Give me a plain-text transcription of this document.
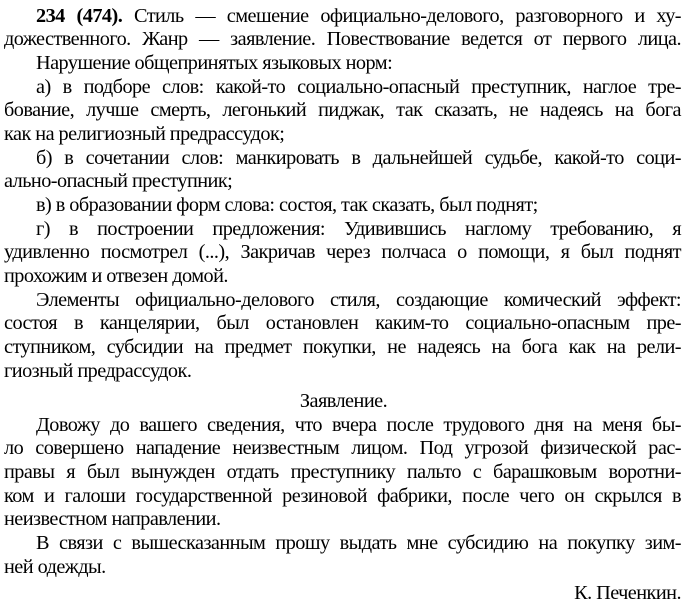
234 (474). Стиль — смешение официально-делового, разговорного и ху-
дожественного. Жанр — заявление. Повествование ведется от первого лица.
Нарушение общепринятых языковых норм:
а) в подборе слов: какой-то социально-опасный преступник, наглое тре-
бование, лучше смерть, легонький пиджак, так сказать, не надеясь на бога
как на религиозный предрассудок;
б) в сочетании слов: манкировать в дальнейшей судьбе, какой-то соци-
ально-опасный преступник;
в) в образовании форм слова: состоя, так сказать, был поднят;
г) в построении предложения: Удивившись наглому требованию, я
удивленно посмотрел (...), Закричав через полчаса о помощи, я был поднят
прохожим и отвезен домой.
Элементы официально-делового стиля, создающие комический эффект:
состоя в канцелярии, был остановлен каким-то социально-опасным пре-
ступником, субсидии на предмет покупки, не надеясь на бога как на рели-
гиозный предрассудок.
Заявление.
Довожу до вашего сведения, что вчера после трудового дня на меня бы-
ло совершено нападение неизвестным лицом. Под угрозой физической рас-
правы я был вынужден отдать преступнику пальто с барашковым воротни-
ком и галоши государственной резиновой фабрики, после чего он скрылся в
неизвестном направлении.
В связи с вышесказанным прошу выдать мне субсидию на покупку зим-
ней одежды.
К. Печенкин.
